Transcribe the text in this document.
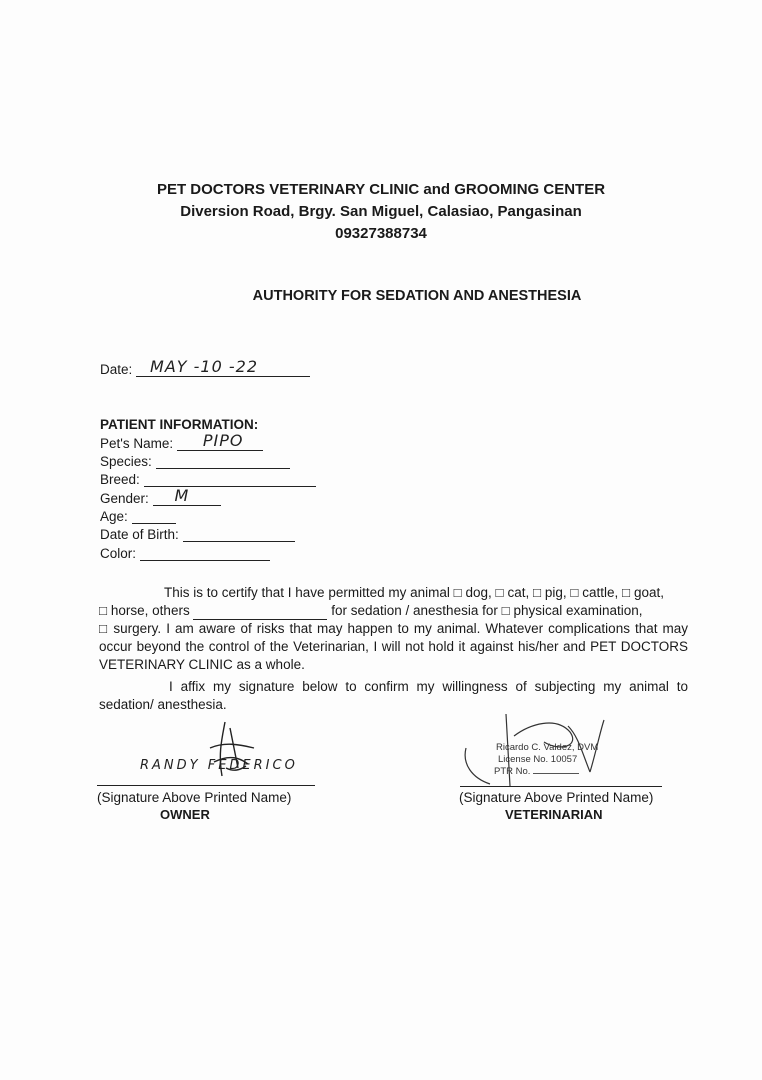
PET DOCTORS VETERINARY CLINIC and GROOMING CENTER
Diversion Road, Brgy. San Miguel, Calasiao, Pangasinan
09327388734
AUTHORITY FOR SEDATION AND ANESTHESIA
Date: MAY -10 -22
PATIENT INFORMATION:
Pet's Name: PIPO
Species:
Breed:
Gender: M
Age:
Date of Birth:
Color:
This is to certify that I have permitted my animal □ dog, □ cat, □ pig, □ cattle, □ goat,
□ horse, others	for sedation / anesthesia for □ physical examination,
□ surgery. I am aware of risks that may happen to my animal. Whatever complications that may occur beyond the control of the Veterinarian, I will not hold it against his/her and PET DOCTORS VETERINARY CLINIC as a whole.
I affix my signature below to confirm my willingness of subjecting my animal to sedation/ anesthesia.
RANDY FEDERICO
(Signature Above Printed Name)
OWNER
Ricardo C. Valdez, DVM
License No. 10057
PTR No.
(Signature Above Printed Name)
VETERINARIAN
